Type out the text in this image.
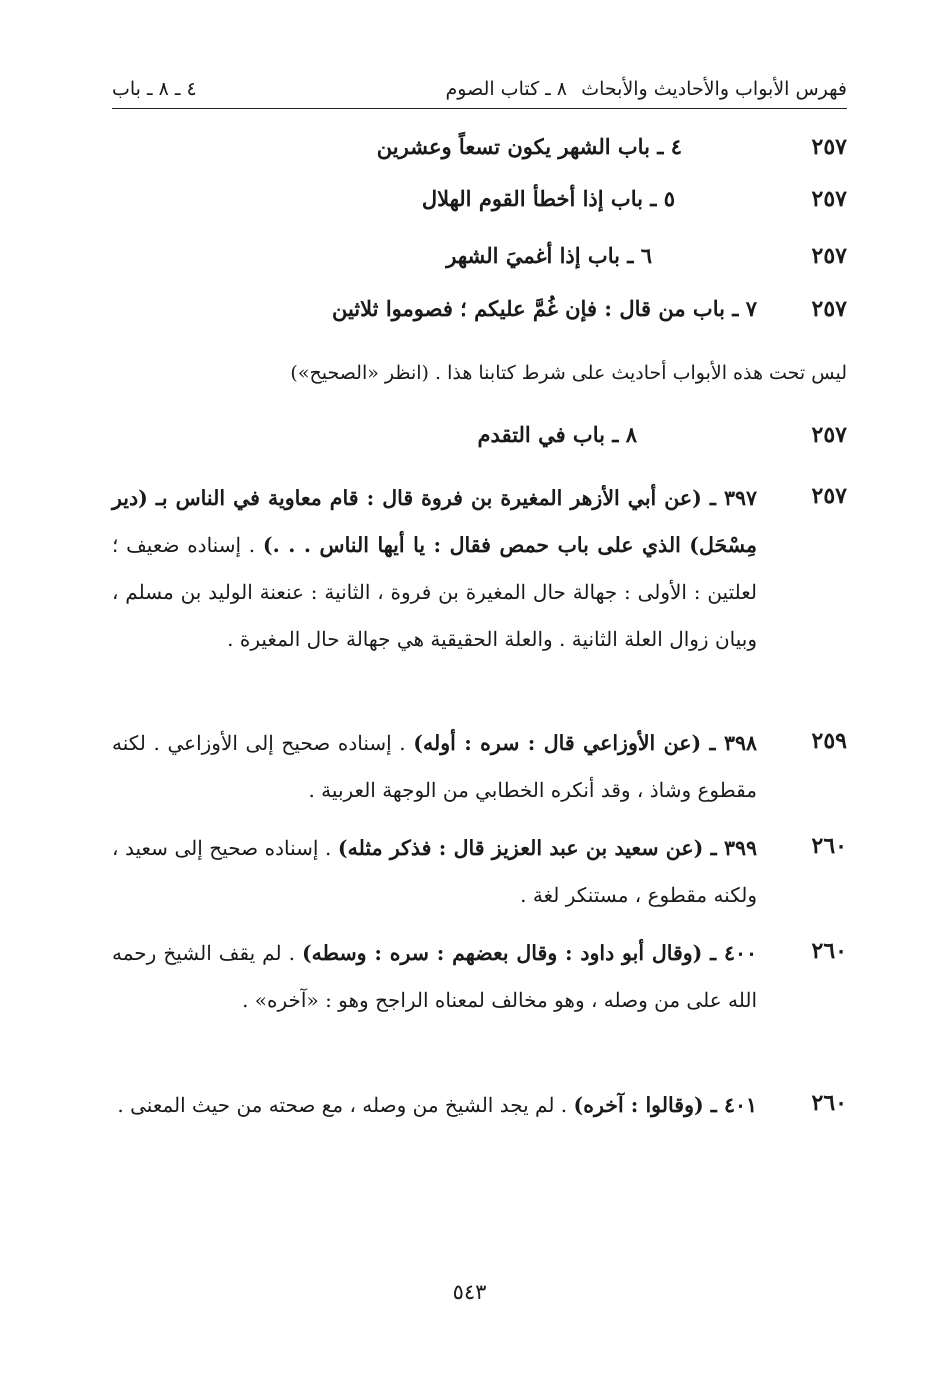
فهرس الأبواب والأحاديث والأبحاث
٨ ـ كتاب الصوم
٤ ـ ٨ ـ باب
٢٥٧
٤ ـ باب الشهر يكون تسعاً وعشرين
٢٥٧
٥ ـ باب إذا أخطأ القوم الهلال
٢٥٧
٦ ـ باب إذا أغميَ الشهر
٢٥٧
٧ ـ باب من قال : فإن غُمَّ عليكم ؛ فصوموا ثلاثين
ليس تحت هذه الأبواب أحاديث على شرط كتابنا هذا . (انظر «الصحيح»)
٢٥٧
٨ ـ باب في التقدم
٢٥٧
٣٩٧ ـ (عن أبي الأزهر المغيرة بن فروة قال : قام معاوية في الناس بـ (دير مِسْحَل) الذي على باب حمص فقال : يا أيها الناس . . .) . إسناده ضعيف ؛ لعلتين : الأولى : جهالة حال المغيرة بن فروة ، الثانية : عنعنة الوليد بن مسلم ، وبيان زوال العلة الثانية . والعلة الحقيقية هي جهالة حال المغيرة .
٢٥٩
٣٩٨ ـ (عن الأوزاعي قال : سره : أوله) . إسناده صحيح إلى الأوزاعي . لكنه مقطوع وشاذ ، وقد أنكره الخطابي من الوجهة العربية .
٢٦٠
٣٩٩ ـ (عن سعيد بن عبد العزيز قال : فذكر مثله) . إسناده صحيح إلى سعيد ، ولكنه مقطوع ، مستنكر لغة .
٢٦٠
٤٠٠ ـ (وقال أبو داود : وقال بعضهم : سره : وسطه) . لم يقف الشيخ رحمه الله على من وصله ، وهو مخالف لمعناه الراجح وهو : «آخره» .
٢٦٠
٤٠١ ـ (وقالوا : آخره) . لم يجد الشيخ من وصله ، مع صحته من حيث المعنى .
٥٤٣
